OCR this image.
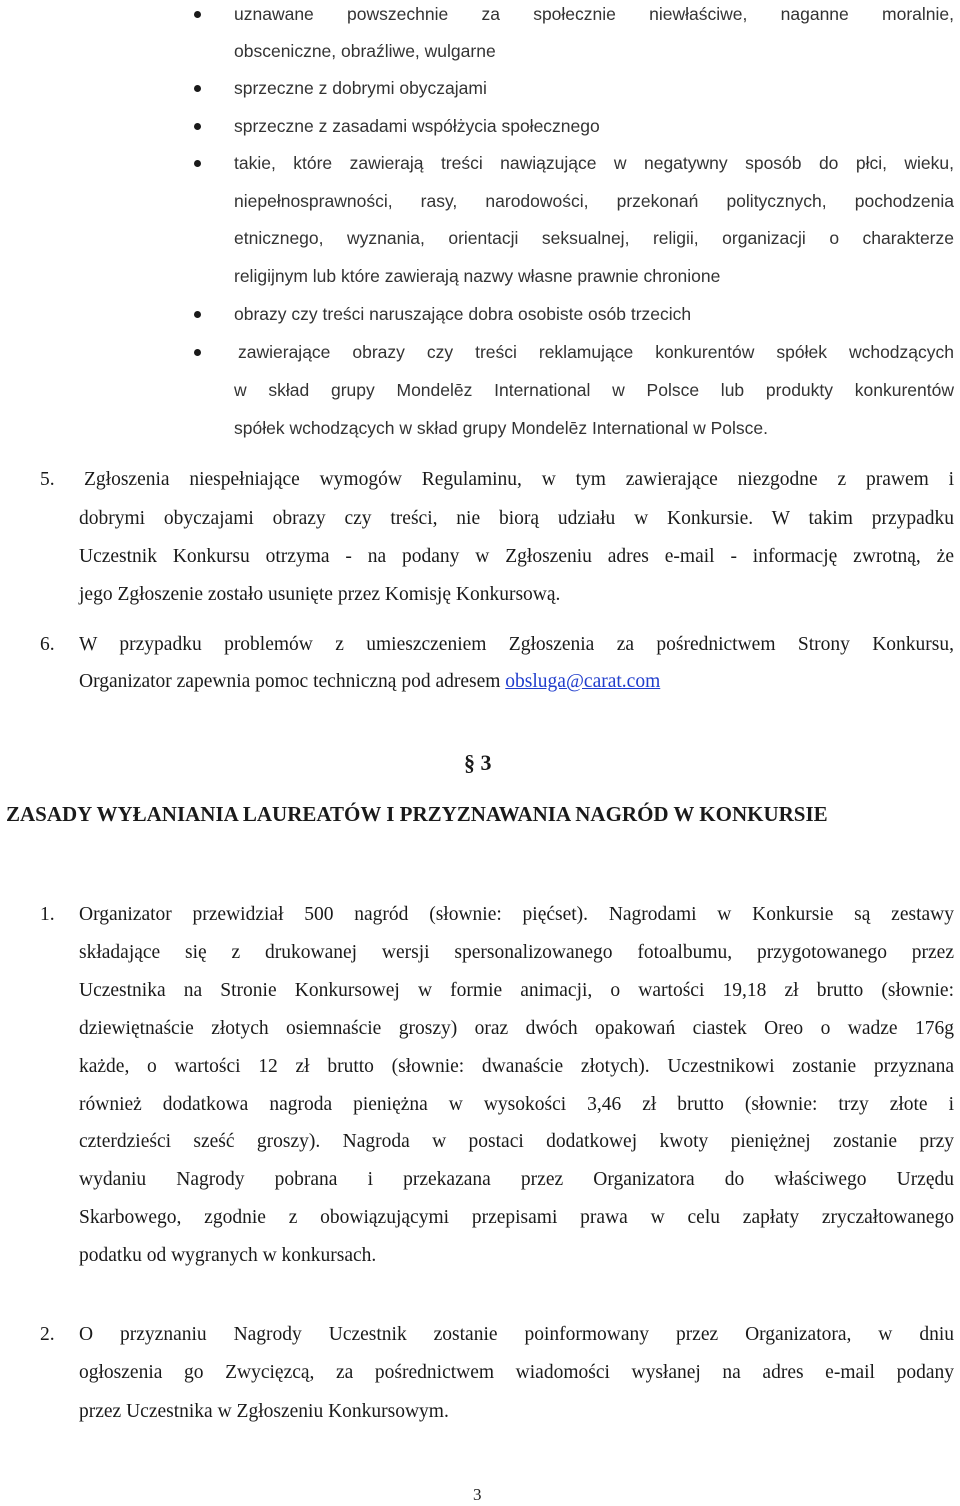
uznawane powszechnie za społecznie niewłaściwe, naganne moralnie,
obsceniczne, obraźliwe, wulgarne
sprzeczne z dobrymi obyczajami
sprzeczne z zasadami współżycia społecznego
takie, które zawierają treści nawiązujące w negatywny sposób do płci, wieku,
niepełnosprawności, rasy, narodowości, przekonań politycznych, pochodzenia
etnicznego, wyznania, orientacji seksualnej, religii, organizacji o charakterze
religijnym lub które zawierają nazwy własne prawnie chronione
obrazy czy treści naruszające dobra osobiste osób trzecich
zawierające obrazy czy treści reklamujące konkurentów spółek wchodzących
w skład grupy Mondelēz International w Polsce lub produkty konkurentów
spółek wchodzących w skład grupy Mondelēz International w Polsce.
5. Zgłoszenia niespełniające wymogów Regulaminu, w tym zawierające niezgodne z prawem i
dobrymi obyczajami obrazy czy treści, nie biorą udziału w Konkursie. W takim przypadku
Uczestnik Konkursu otrzyma - na podany w Zgłoszeniu adres e-mail - informację zwrotną, że
jego Zgłoszenie zostało usunięte przez Komisję Konkursową.
6. W przypadku problemów z umieszczeniem Zgłoszenia za pośrednictwem Strony Konkursu,
Organizator zapewnia pomoc techniczną pod adresem obsluga@carat.com
§ 3
ZASADY WYŁANIANIA LAUREATÓW I PRZYZNAWANIA NAGRÓD W KONKURSIE
1. Organizator przewidział 500 nagród (słownie: pięćset). Nagrodami w Konkursie są zestawy
składające się z drukowanej wersji spersonalizowanego fotoalbumu, przygotowanego przez
Uczestnika na Stronie Konkursowej w formie animacji, o wartości 19,18 zł brutto (słownie:
dziewiętnaście złotych osiemnaście groszy) oraz dwóch opakowań ciastek Oreo o wadze 176g
każde, o wartości 12 zł brutto (słownie: dwanaście złotych). Uczestnikowi zostanie przyznana
również dodatkowa nagroda pieniężna w wysokości 3,46 zł brutto (słownie: trzy złote i
czterdzieści sześć groszy). Nagroda w postaci dodatkowej kwoty pieniężnej zostanie przy
wydaniu Nagrody pobrana i przekazana przez Organizatora do właściwego Urzędu
Skarbowego, zgodnie z obowiązującymi przepisami prawa w celu zapłaty zryczałtowanego
podatku od wygranych w konkursach.
2. O przyznaniu Nagrody Uczestnik zostanie poinformowany przez Organizatora, w dniu
ogłoszenia go Zwycięzcą, za pośrednictwem wiadomości wysłanej na adres e-mail podany
przez Uczestnika w Zgłoszeniu Konkursowym.
3
